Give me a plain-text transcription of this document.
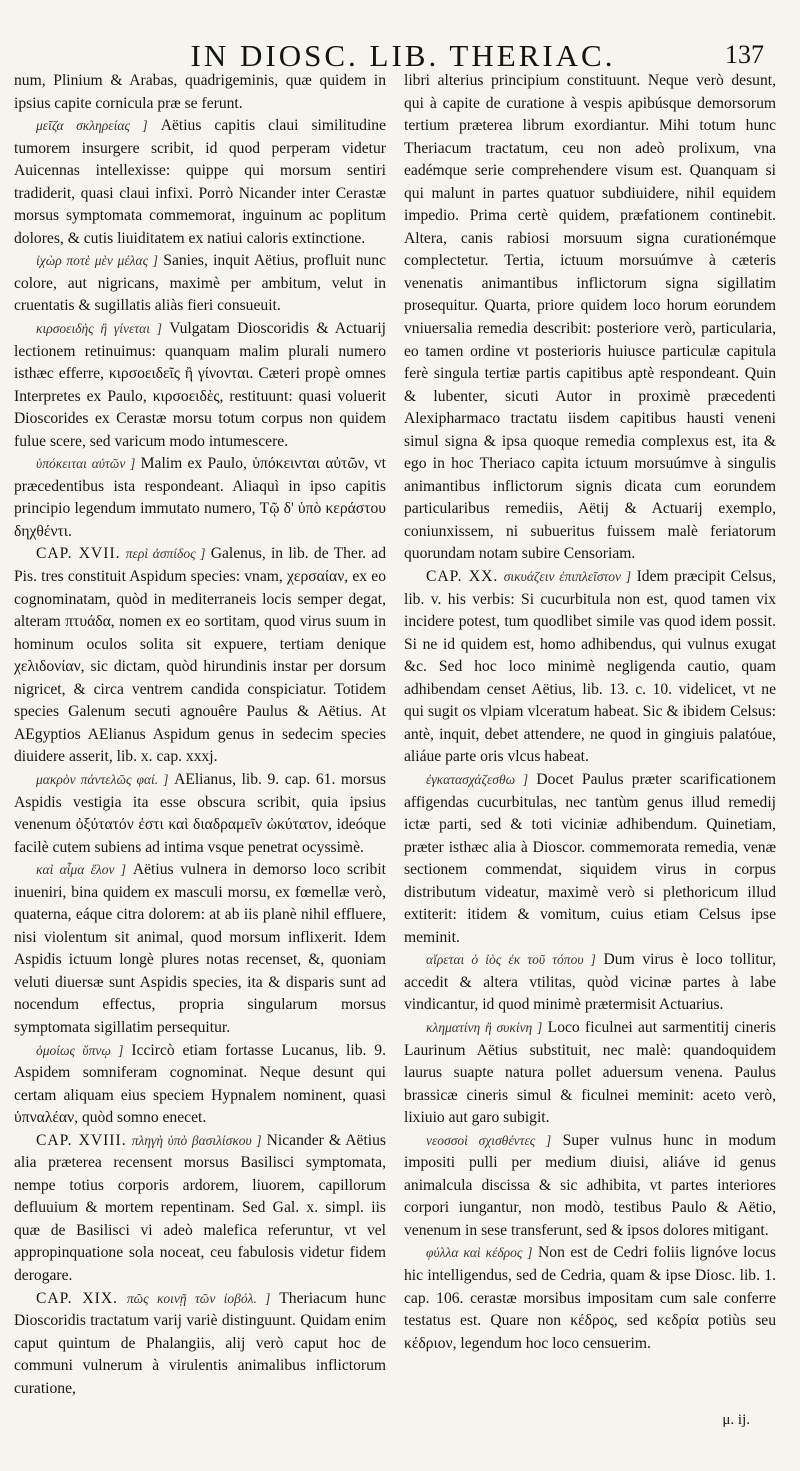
IN DIOSC. LIB. THERIAC.	137

num, Plinium & Arabas, quadrigeminis, quæ quidem in ipsius capite cornicula præ se ferunt.

μεῖζα σκληρείας ] Aëtius capitis claui similitudine tumorem insurgere scribit, id quod perperam videtur Auicennas intellexisse: quippe qui morsum sentiri tradiderit, quasi claui infixi. Porrò Nicander inter Cerastæ morsus symptomata commemorat, inguinum ac poplitum dolores, & cutis liuiditatem ex natiui caloris extinctione.

ἰχὼρ ποτὲ μὲν μέλας ] Sanies, inquit Aëtius, profluit nunc colore, aut nigricans, maximè per ambitum, velut in cruentatis & sugillatis aliàs fieri consueuit.

κιρσοειδὴς ἢ γίνεται ] Vulgatam Dioscoridis & Actuarij lectionem retinuimus: quanquam malim plurali numero isthæc efferre, κιρσοειδεῖς ἢ γίνονται. Cæteri propè omnes Interpretes ex Paulo, κιρσοειδὲς, restituunt: quasi voluerit Dioscorides ex Cerastæ morsu totum corpus non quidem fulue scere, sed varicum modo intumescere.

ὑπόκειται αὐτῶν ] Malim ex Paulo, ὑπόκεινται αὐτῶν, vt præcedentibus ista respondeant. Aliaquì in ipso capitis principio legendum immutato numero, Τῷ δ' ὑπὸ κεράστου δηχθέντι.

CAP. XVII. περὶ ἀσπίδος ] Galenus, in lib. de Ther. ad Pis. tres constituit Aspidum species: vnam, χερσαίαν, ex eo cognominatam, quòd in mediterraneis locis semper degat, alteram πτυάδα, nomen ex eo sortitam, quod virus suum in hominum oculos solita sit expuere, tertiam denique χελιδονίαν, sic dictam, quòd hirundinis instar per dorsum nigricet, & circa ventrem candida conspiciatur. Totidem species Galenum secuti agnouêre Paulus & Aëtius. At AEgyptios AElianus Aspidum genus in sedecim species diuidere asserit, lib. x. cap. xxxj.

μακρὸν πάντελῶς φαί. ] AElianus, lib. 9. cap. 61. morsus Aspidis vestigia ita esse obscura scribit, quia ipsius venenum ὀξύτατόν ἐστι καὶ διαδραμεῖν ὠκύτατον, ideóque facilè cutem subiens ad intima vsque penetrat ocyssimè.

καὶ αἷμα ἔλον ] Aëtius vulnera in demorso loco scribit inueniri, bina quidem ex masculi morsu, ex fœmellæ verò, quaterna, eáque citra dolorem: at ab iis planè nihil effluere, nisi violentum sit animal, quod morsum inflixerit. Idem Aspidis ictuum longè plures notas recenset, &, quoniam veluti diuersæ sunt Aspidis species, ita & disparis sunt ad nocendum effectus, propria singularum morsus symptomata sigillatim persequitur.

ὁμοίως ὕπνῳ ] Iccircò etiam fortasse Lucanus, lib. 9. Aspidem somniferam cognominat. Neque desunt qui certam aliquam eius speciem Hypnalem nominent, quasi ὑπναλέαν, quòd somno enecet.

CAP. XVIII. πληγὴ ὑπὸ βασιλίσκου ] Nicander & Aëtius alia præterea recensent morsus Basilisci symptomata, nempe totius corporis ardorem, liuorem, capillorum defluuium & mortem repentinam. Sed Gal. x. simpl. iis quæ de Basilisci vi adeò malefica referuntur, vt vel appropinquatione sola noceat, ceu fabulosis videtur fidem derogare.

CAP. XIX. πῶς κοινῇ τῶν ἰοβόλ. ] Theriacum hunc Dioscoridis tractatum varij variè distinguunt. Quidam enim caput quintum de Phalangiis, alij verò caput hoc de communi vulnerum à virulentis animalibus inflictorum curatione,

libri alterius principium constituunt. Neque verò desunt, qui à capite de curatione à vespis apibúsque demorsorum tertium præterea librum exordiantur. Mihi totum hunc Theriacum tractatum, ceu non adeò prolixum, vna eadémque serie comprehendere visum est. Quanquam si qui malunt in partes quatuor subdiuidere, nihil equidem impedio. Prima certè quidem, præfationem continebit. Altera, canis rabiosi morsuum signa curationémque complectetur. Tertia, ictuum morsuúmve à cæteris venenatis animantibus inflictorum signa sigillatim prosequitur. Quarta, priore quidem loco horum eorundem vniuersalia remedia describit: posteriore verò, particularia, eo tamen ordine vt posterioris huiusce particulæ capitula ferè singula tertiæ partis capitibus aptè respondeant. Quin & lubenter, sicuti Autor in proximè præcedenti Alexipharmaco tractatu iisdem capitibus hausti veneni simul signa & ipsa quoque remedia complexus est, ita & ego in hoc Theriaco capita ictuum morsuúmve à singulis animantibus inflictorum signis dicata cum eorundem particularibus remediis, Aëtij & Actuarij exemplo, coniunxissem, ni subueritus fuissem malè feriatorum quorundam notam subire Censoriam.

CAP. XX. σικυάζειν ἐπιπλεῖστον ] Idem præcipit Celsus, lib. v. his verbis: Si cucurbitula non est, quod tamen vix incidere potest, tum quodlibet simile vas quod idem possit. Si ne id quidem est, homo adhibendus, qui vulnus exugat &c. Sed hoc loco minimè negligenda cautio, quam adhibendam censet Aëtius, lib. 13. c. 10. videlicet, vt ne qui sugit os vlpiam vlceratum habeat. Sic & ibidem Celsus: antè, inquit, debet attendere, ne quod in gingiuis palatóue, aliáue parte oris vlcus habeat.

ἐγκατασχάζεσθω ] Docet Paulus præter scarificationem affigendas cucurbitulas, nec tantùm genus illud remedij ictæ parti, sed & toti viciniæ adhibendum. Quinetiam, præter isthæc alia à Dioscor. commemorata remedia, venæ sectionem commendat, siquidem virus in corpus distributum videatur, maximè verò si plethoricum illud extiterit: itidem & vomitum, cuius etiam Celsus ipse meminit.

αἴρεται ὁ ἰὸς ἐκ τοῦ τόπου ] Dum virus è loco tollitur, accedit & altera vtilitas, quòd vicinæ partes à labe vindicantur, id quod minimè prætermisit Actuarius.

κληματίνη ἢ συκίνη ] Loco ficulnei aut sarmentitij cineris Laurinum Aëtius substituit, nec malè: quandoquidem laurus suapte natura pollet aduersum venena. Paulus brassicæ cineris simul & ficulnei meminit: aceto verò, lixiuio aut garo subigit.

νεοσσοὶ σχισθέντες ] Super vulnus hunc in modum impositi pulli per medium diuisi, aliáve id genus animalcula discissa & sic adhibita, vt partes interiores corpori iungantur, non modò, testibus Paulo & Aëtio, venenum in sese transferunt, sed & ipsos dolores mitigant.

φύλλα καὶ κέδρος ] Non est de Cedri foliis lignóve locus hic intelligendus, sed de Cedria, quam & ipse Diosc. lib. 1. cap. 106. cerastæ morsibus impositam cum sale conferre testatus est. Quare non κέδρος, sed κεδρία potiùs seu κέδριον, legendum hoc loco censuerim.

μ. ij.
